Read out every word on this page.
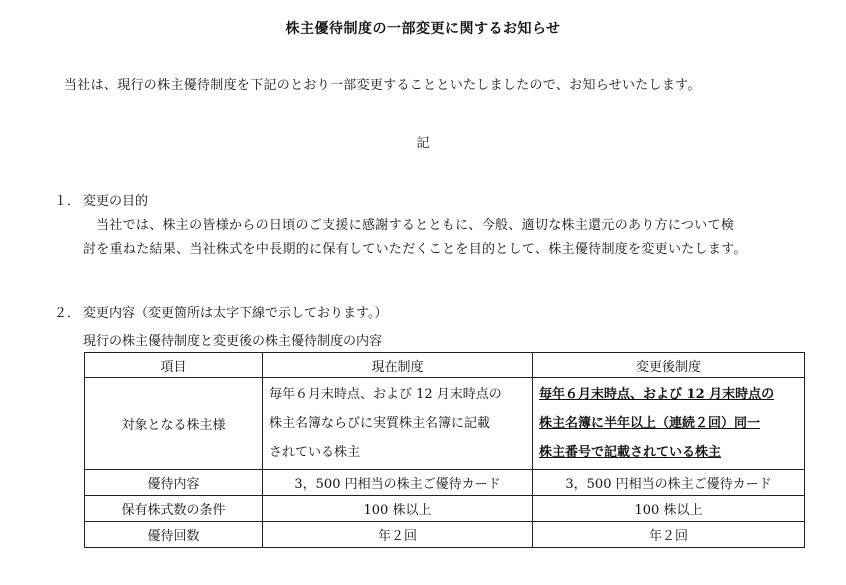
株主優待制度の一部変更に関するお知らせ
当社は、現行の株主優待制度を下記のとおり一部変更することといたしましたので、お知らせいたします。
記
１． 変更の目的
当社では、株主の皆様からの日頃のご支援に感謝するとともに、今般、適切な株主還元のあり方について検
討を重ねた結果、当社株式を中長期的に保有していただくことを目的として、株主優待制度を変更いたします。
２． 変更内容（変更箇所は太字下線で示しております。）
現行の株主優待制度と変更後の株主優待制度の内容
項目	現在制度	変更後制度
対象となる株主様	毎年６月末時点、および 12 月末時点の
株主名簿ならびに実質株主名簿に記載
されている株主	毎年６月末時点、および 12 月末時点の
株主名簿に半年以上（連続２回）同一
株主番号で記載されている株主

優待内容	3，500 円相当の株主ご優待カード	3，500 円相当の株主ご優待カード
保有株式数の条件	100 株以上	100 株以上
優待回数	年２回	年２回
